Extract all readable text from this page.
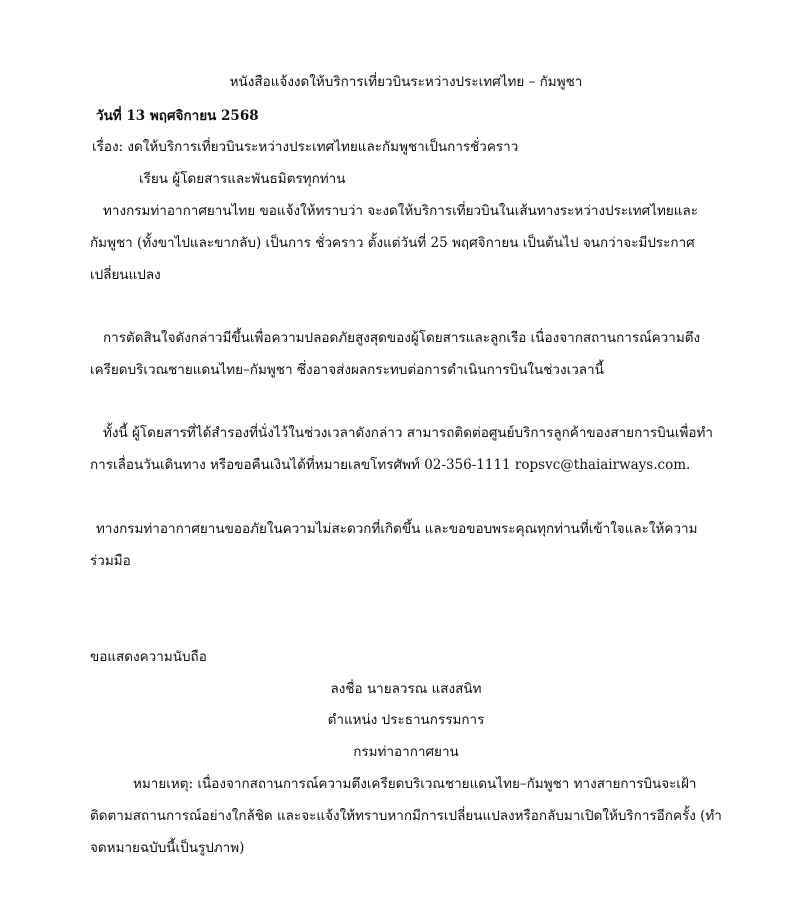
หนังสือแจ้งงดให้บริการเที่ยวบินระหว่างประเทศไทย – กัมพูชา
วันที่ 13 พฤศจิกายน 2568
เรื่อง: งดให้บริการเที่ยวบินระหว่างประเทศไทยและกัมพูชาเป็นการชั่วคราว
เรียน ผู้โดยสารและพันธมิตรทุกท่าน
ทางกรมท่าอากาศยานไทย ขอแจ้งให้ทราบว่า จะงดให้บริการเที่ยวบินในเส้นทางระหว่างประเทศไทยและ
กัมพูชา (ทั้งขาไปและขากลับ) เป็นการ ชั่วคราว ตั้งแต่วันที่ 25 พฤศจิกายน เป็นต้นไป จนกว่าจะมีประกาศ
เปลี่ยนแปลง
การตัดสินใจดังกล่าวมีขึ้นเพื่อความปลอดภัยสูงสุดของผู้โดยสารและลูกเรือ เนื่องจากสถานการณ์ความตึง
เครียดบริเวณชายแดนไทย–กัมพูชา ซึ่งอาจส่งผลกระทบต่อการดำเนินการบินในช่วงเวลานี้
ทั้งนี้ ผู้โดยสารที่ได้สำรองที่นั่งไว้ในช่วงเวลาดังกล่าว สามารถติดต่อศูนย์บริการลูกค้าของสายการบินเพื่อทำ
การเลื่อนวันเดินทาง หรือขอคืนเงินได้ที่หมายเลขโทรศัพท์ 02-356-1111 ropsvc@thaiairways.com.
ทางกรมท่าอากาศยานขออภัยในความไม่สะดวกที่เกิดขึ้น และขอขอบพระคุณทุกท่านที่เข้าใจและให้ความ
ร่วมมือ
ขอแสดงความนับถือ
ลงชื่อ นายลวรณ แสงสนิท
ตำแหน่ง ประธานกรรมการ
กรมท่าอากาศยาน
หมายเหตุ: เนื่องจากสถานการณ์ความตึงเครียดบริเวณชายแดนไทย–กัมพูชา ทางสายการบินจะเฝ้า
ติดตามสถานการณ์อย่างใกล้ชิด และจะแจ้งให้ทราบหากมีการเปลี่ยนแปลงหรือกลับมาเปิดให้บริการอีกครั้ง (ทำ
จดหมายฉบับนี้เป็นรูปภาพ)
